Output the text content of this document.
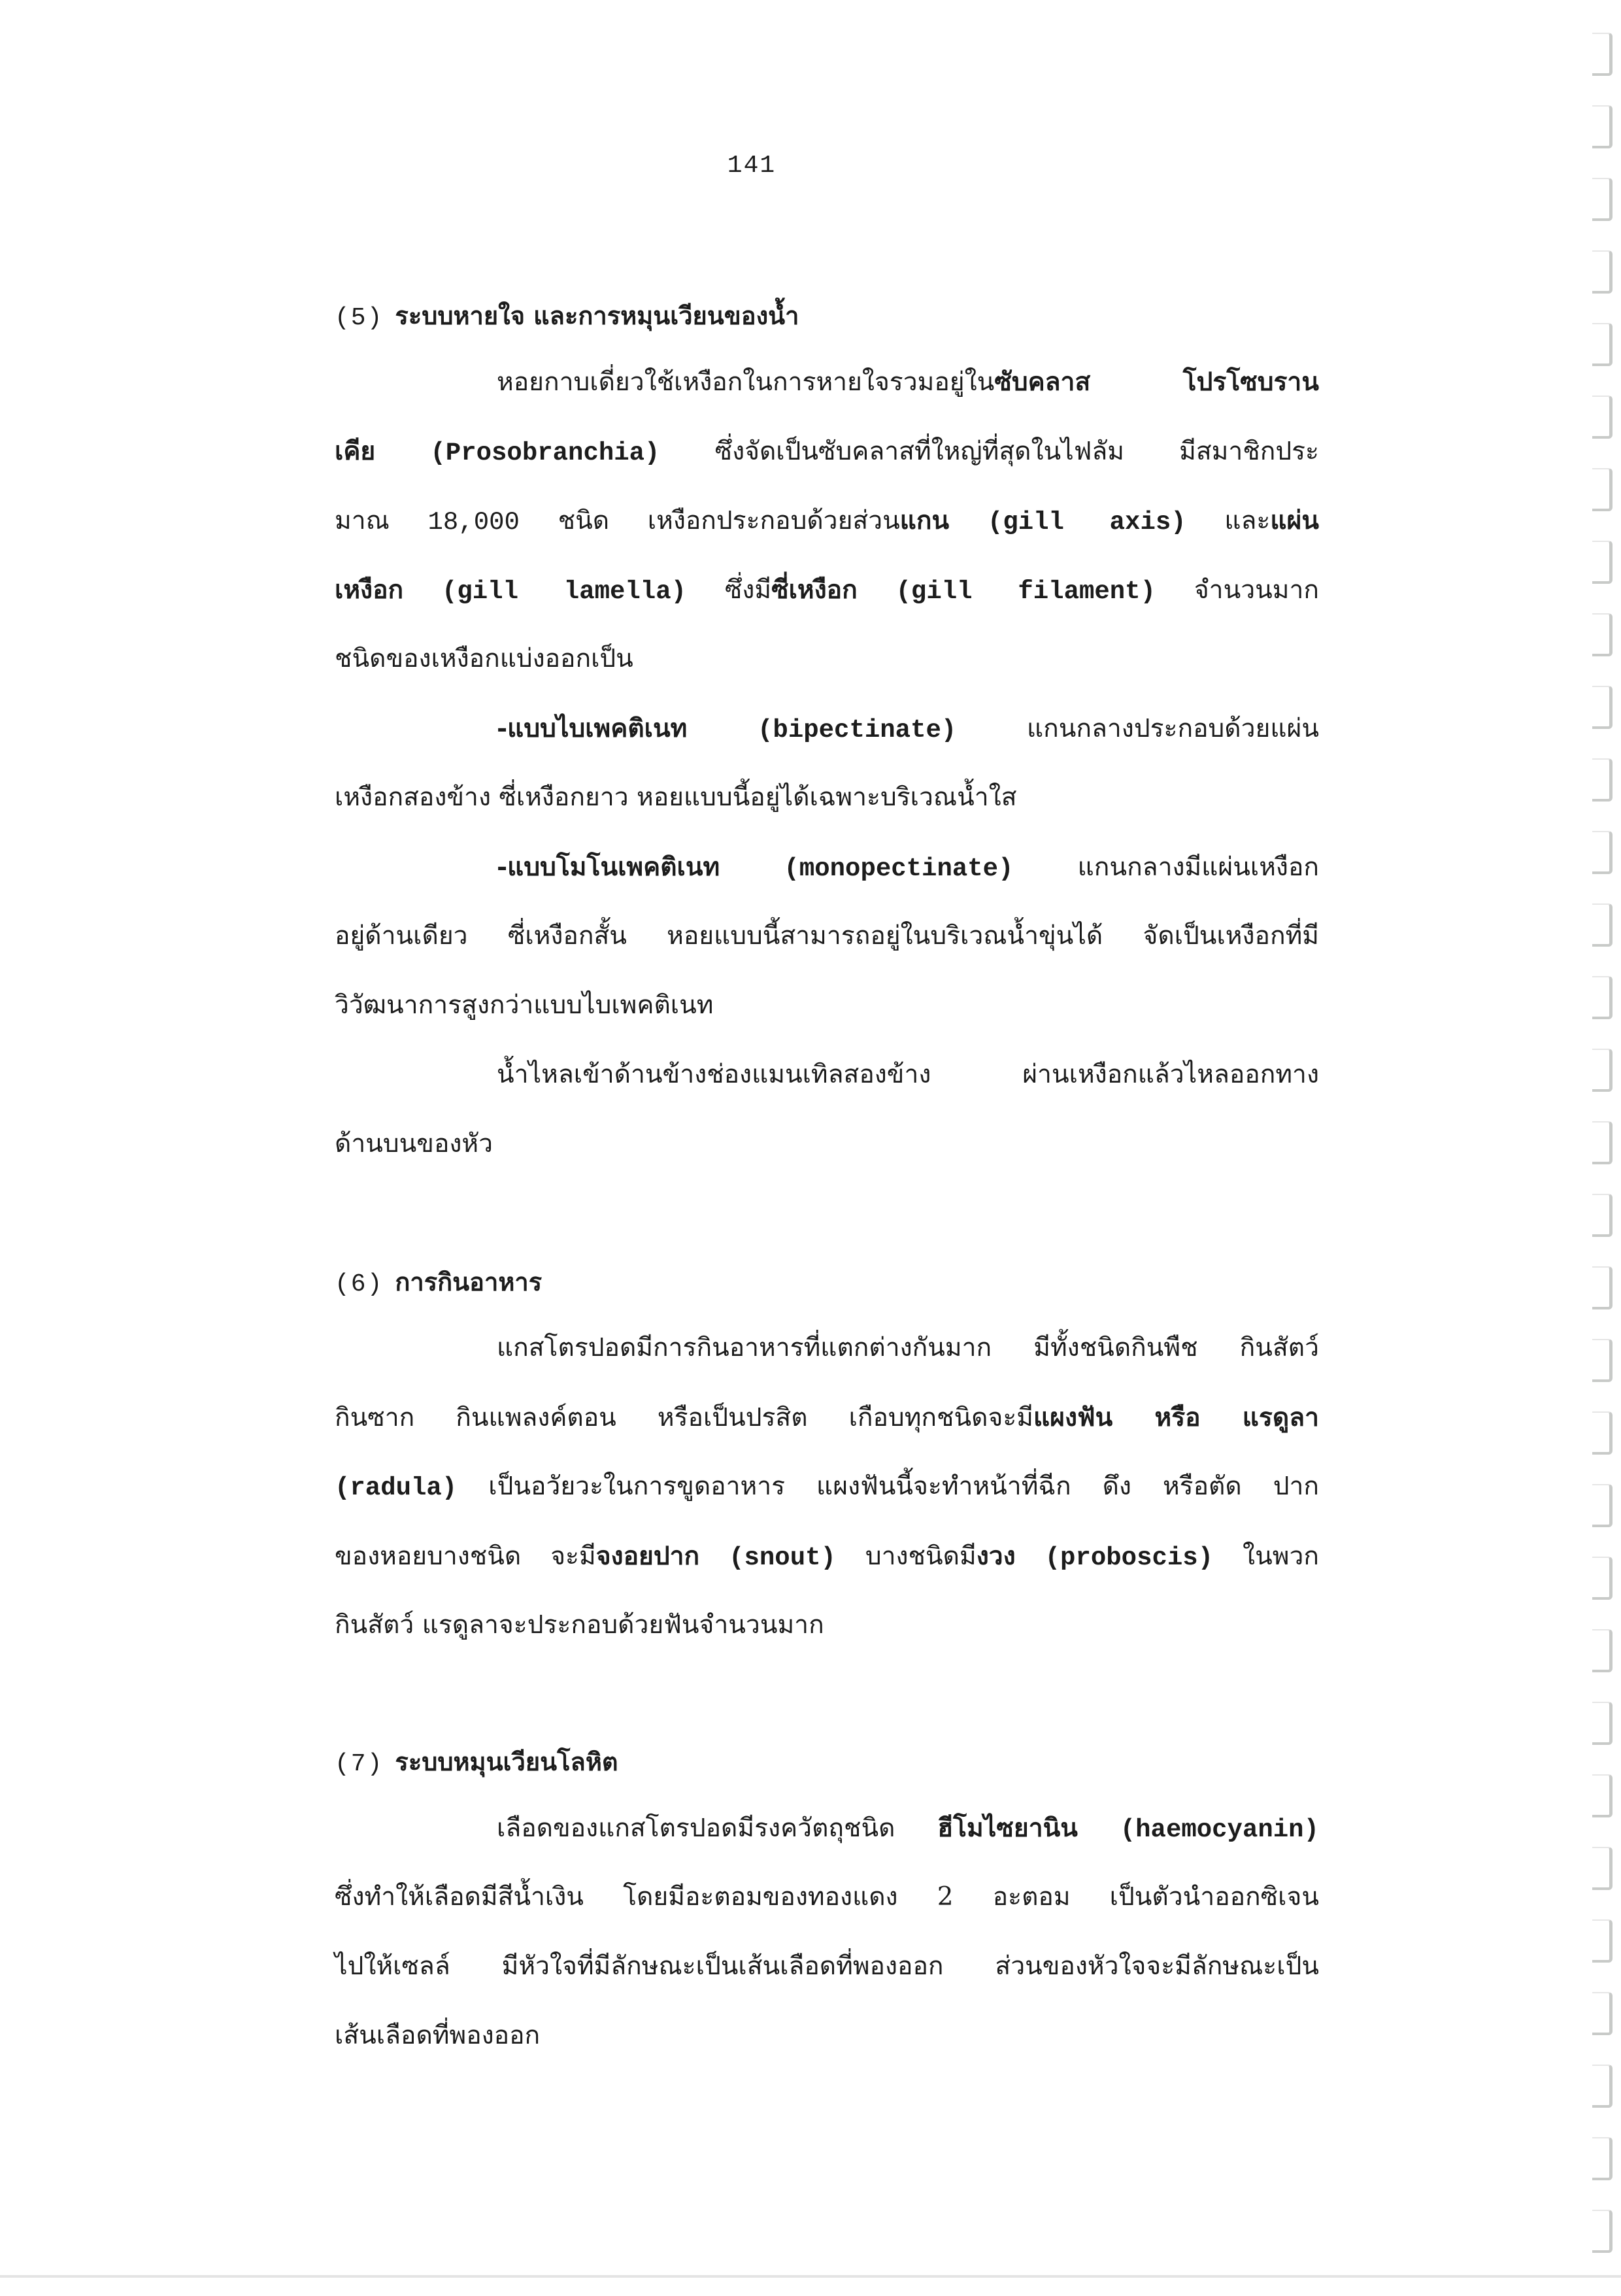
141
(5) ระบบหายใจ และการหมุนเวียนของน้ำ
หอยกาบเดี่ยวใช้เหงือกในการหายใจรวมอยู่ในซับคลาส โปรโซบราน
เคีย (Prosobranchia) ซึ่งจัดเป็นซับคลาสที่ใหญ่ที่สุดในไฟลัม มีสมาชิกประ
มาณ 18,000 ชนิด เหงือกประกอบด้วยส่วนแกน (gill axis) และแผ่น
เหงือก (gill lamella) ซึ่งมีซี่เหงือก (gill filament) จำนวนมาก
ชนิดของเหงือกแบ่งออกเป็น
-แบบไบเพคติเนท	(bipectinate)	แกนกลางประกอบด้วยแผ่น
เหงือกสองข้าง ซี่เหงือกยาว หอยแบบนี้อยู่ได้เฉพาะบริเวณน้ำใส
-แบบโมโนเพคติเนท	(monopectinate)	แกนกลางมีแผ่นเหงือก
อยู่ด้านเดียว ซี่เหงือกสั้น หอยแบบนี้สามารถอยู่ในบริเวณน้ำขุ่นได้ จัดเป็นเหงือกที่มี
วิวัฒนาการสูงกว่าแบบไบเพคติเนท
น้ำไหลเข้าด้านข้างช่องแมนเทิลสองข้าง ผ่านเหงือกแล้วไหลออกทาง
ด้านบนของหัว
(6) การกินอาหาร
แกสโตรปอดมีการกินอาหารที่แตกต่างกันมาก มีทั้งชนิดกินพืช กินสัตว์
กินซาก กินแพลงค์ตอน หรือเป็นปรสิต เกือบทุกชนิดจะมีแผงฟัน หรือ แรดูลา
(radula) เป็นอวัยวะในการขูดอาหาร แผงฟันนี้จะทำหน้าที่ฉีก ดึง หรือตัด ปาก
ของหอยบางชนิด จะมีจงอยปาก (snout) บางชนิดมีงวง (proboscis) ในพวก
กินสัตว์ แรดูลาจะประกอบด้วยฟันจำนวนมาก
(7) ระบบหมุนเวียนโลหิต
เลือดของแกสโตรปอดมีรงควัตถุชนิด ฮีโมไซยานิน (haemocyanin)
ซึ่งทำให้เลือดมีสีน้ำเงิน โดยมีอะตอมของทองแดง 2 อะตอม เป็นตัวนำออกซิเจน
ไปให้เซลล์ มีหัวใจที่มีลักษณะเป็นเส้นเลือดที่พองออก ส่วนของหัวใจจะมีลักษณะเป็น
เส้นเลือดที่พองออก
